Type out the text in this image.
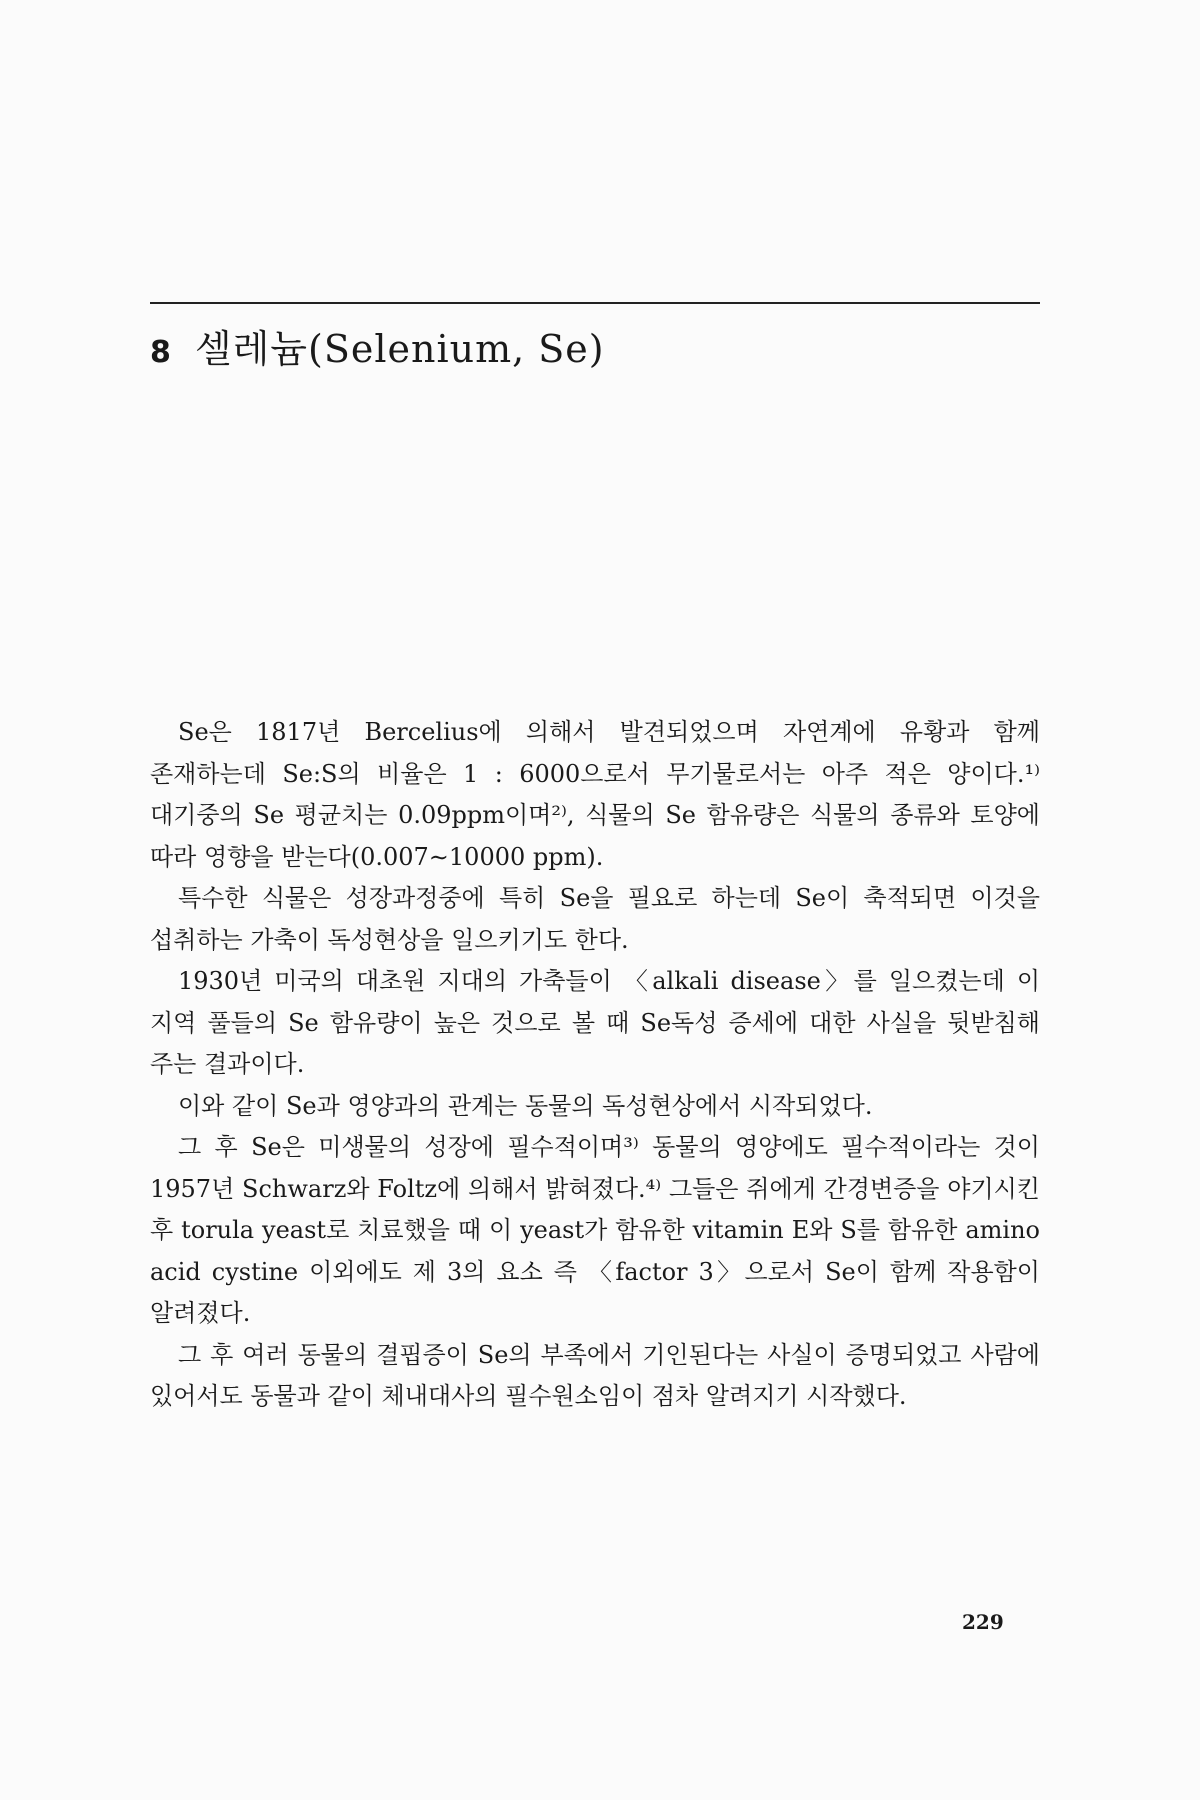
8 셀레늄(Selenium, Se)

Se은 1817년 Bercelius에 의해서 발견되었으며 자연계에 유황과 함께 존재하는데 Se:S의 비율은 1 : 6000으로서 무기물로서는 아주 적은 양이다.¹⁾ 대기중의 Se 평균치는 0.09ppm이며²⁾, 식물의 Se 함유량은 식물의 종류와 토양에 따라 영향을 받는다(0.007∼10000 ppm).

특수한 식물은 성장과정중에 특히 Se을 필요로 하는데 Se이 축적되면 이것을 섭취하는 가축이 독성현상을 일으키기도 한다.

1930년 미국의 대초원 지대의 가축들이 〈alkali disease〉를 일으켰는데 이 지역 풀들의 Se 함유량이 높은 것으로 볼 때 Se독성 증세에 대한 사실을 뒷받침해 주는 결과이다.

이와 같이 Se과 영양과의 관계는 동물의 독성현상에서 시작되었다.

그 후 Se은 미생물의 성장에 필수적이며³⁾ 동물의 영양에도 필수적이라는 것이 1957년 Schwarz와 Foltz에 의해서 밝혀졌다.⁴⁾ 그들은 쥐에게 간경변증을 야기시킨 후 torula yeast로 치료했을 때 이 yeast가 함유한 vitamin E와 S를 함유한 amino acid cystine 이외에도 제 3의 요소 즉 〈factor 3〉으로서 Se이 함께 작용함이 알려졌다.

그 후 여러 동물의 결핍증이 Se의 부족에서 기인된다는 사실이 증명되었고 사람에 있어서도 동물과 같이 체내대사의 필수원소임이 점차 알려지기 시작했다.

229
